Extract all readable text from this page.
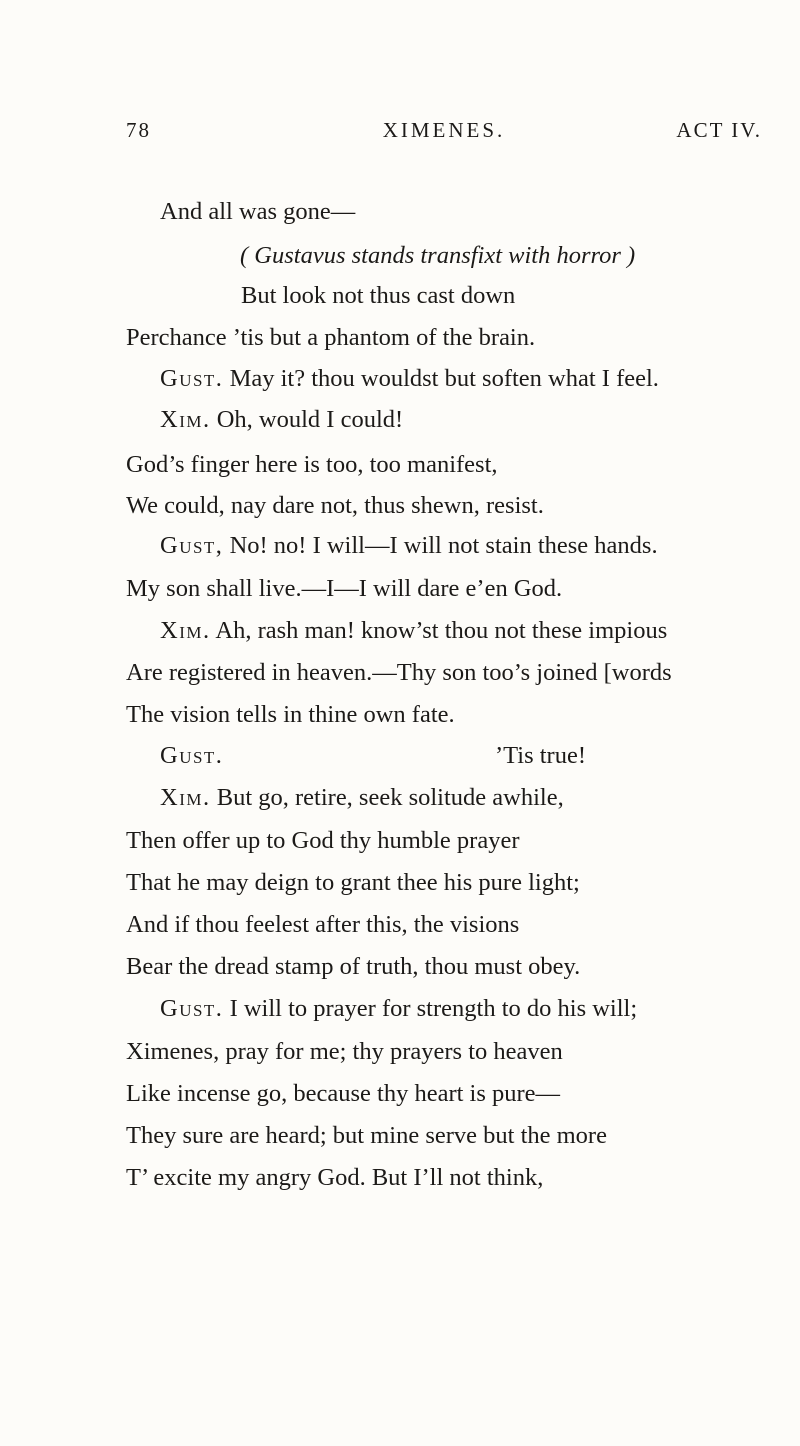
78	XIMENES.	ACT IV.
And all was gone—
( Gustavus stands transfixt with horror )
But look not thus cast down
Perchance ’tis but a phantom of the brain.
Gust. May it? thou wouldst but soften what I feel.
Xim. Oh, would I could!
God’s finger here is too, too manifest,
We could, nay dare not, thus shewn, resist.
Gusт, No! no! I will—I will not stain these hands.
My son shall live.—I—I will dare e’en God.
Xim. Ah, rash man! know’st thou not these impious
Are registered in heaven.—Thy son too’s joined [words
The vision tells in thine own fate.
Gust.	’Tis true!
Xim. But go, retire, seek solitude awhile,
Then offer up to God thy humble prayer
That he may deign to grant thee his pure light;
And if thou feelest after this, the visions
Bear the dread stamp of truth, thou must obey.
Gust. I will to prayer for strength to do his will;
Ximenes, pray for me; thy prayers to heaven
Like incense go, because thy heart is pure—
They sure are heard; but mine serve but the more
T’ excite my angry God. But I’ll not think,
